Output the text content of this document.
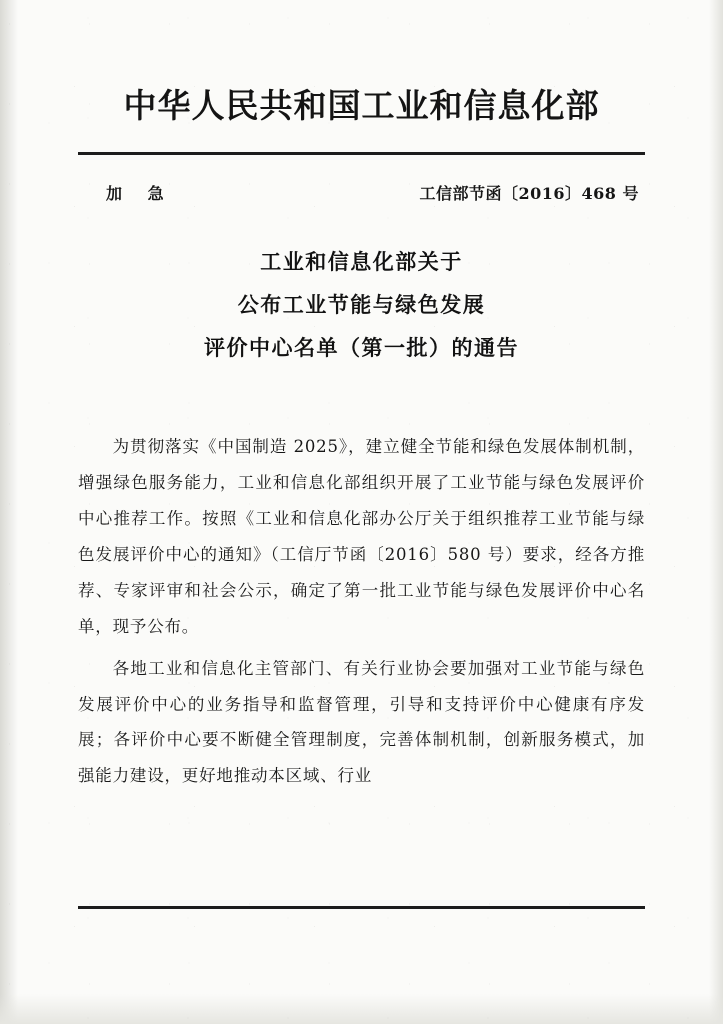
中华人民共和国工业和信息化部
加 急	工信部节函〔2016〕468 号
工业和信息化部关于
公布工业节能与绿色发展
评价中心名单（第一批）的通告

为贯彻落实《中国制造 2025》，建立健全节能和绿色发展体制机制，增强绿色服务能力，工业和信息化部组织开展了工业节能与绿色发展评价中心推荐工作。按照《工业和信息化部办公厅关于组织推荐工业节能与绿色发展评价中心的通知》（工信厅节函〔2016〕580 号）要求，经各方推荐、专家评审和社会公示，确定了第一批工业节能与绿色发展评价中心名单，现予公布。

各地工业和信息化主管部门、有关行业协会要加强对工业节能与绿色发展评价中心的业务指导和监督管理，引导和支持评价中心健康有序发展；各评价中心要不断健全管理制度，完善体制机制，创新服务模式，加强能力建设，更好地推动本区域、行业
